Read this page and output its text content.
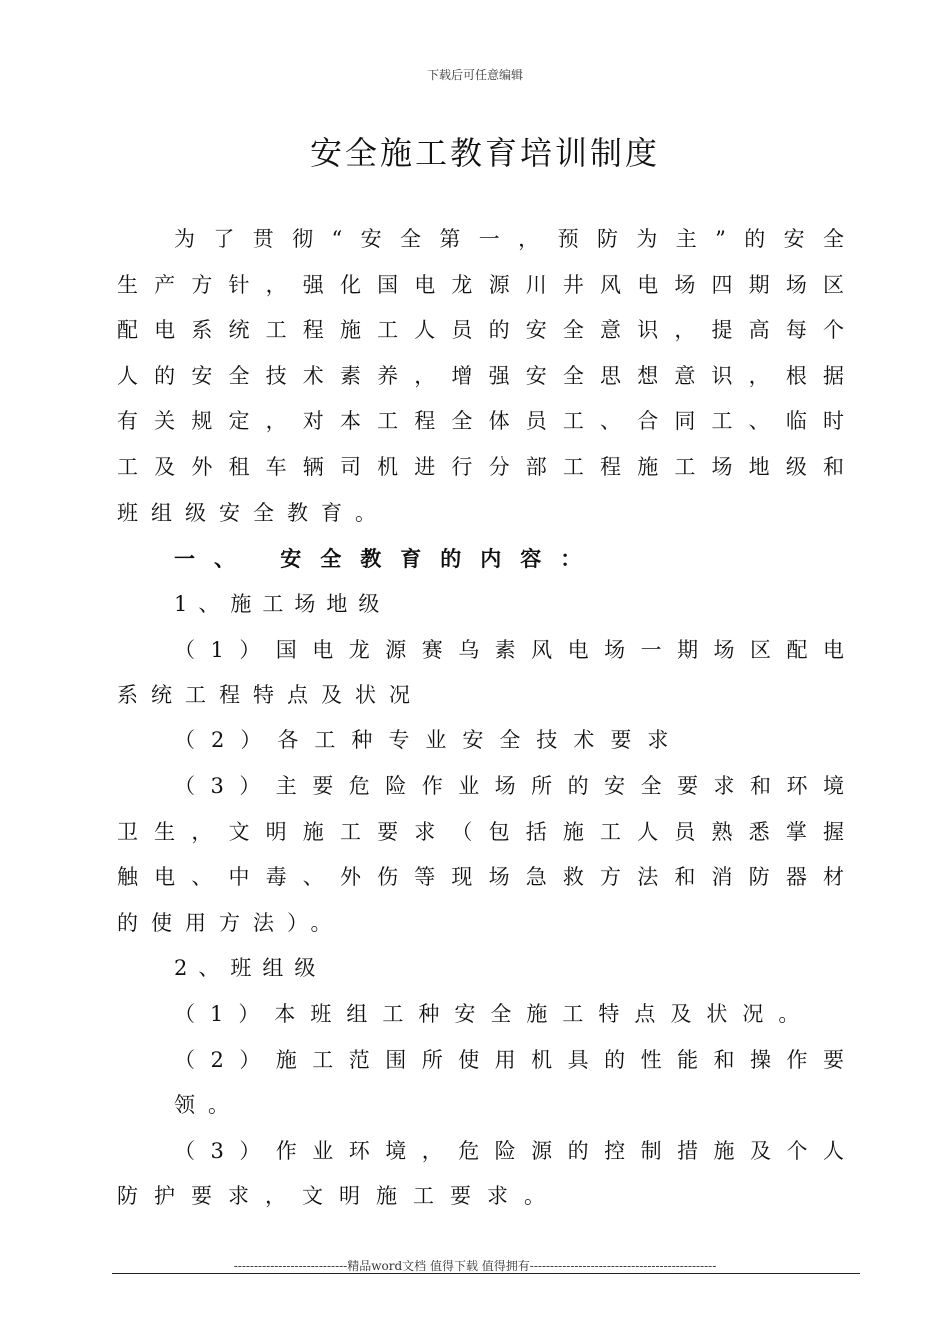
下载后可任意编辑
安全施工教育培训制度
为了贯彻“安全第一，预防为主”的安全
生产方针，强化国电龙源川井风电场四期场区
配电系统工程施工人员的安全意识，提高每个
人的安全技术素养，增强安全思想意识，根据
有关规定，对本工程全体员工、合同工、临时
工及外租车辆司机进行分部工程施工场地级和
班组级安全教育。
一、 安全教育的内容：
1、施工场地级
（1）国电龙源赛乌素风电场一期场区配电
系统工程特点及状况
（2）各工种专业安全技术要求
（3）主要危险作业场所的安全要求和环境
卫生，文明施工要求（包括施工人员熟悉掌握
触电、中毒、外伤等现场急救方法和消防器材
的使用方法）。
2、班组级
（1）本班组工种安全施工特点及状况。
（2）施工范围所使用机具的性能和操作要
领。
（3）作业环境，危险源的控制措施及个人
防护要求，文明施工要求。
----------------------------精品word文档 值得下载 值得拥有----------------------------------------------
